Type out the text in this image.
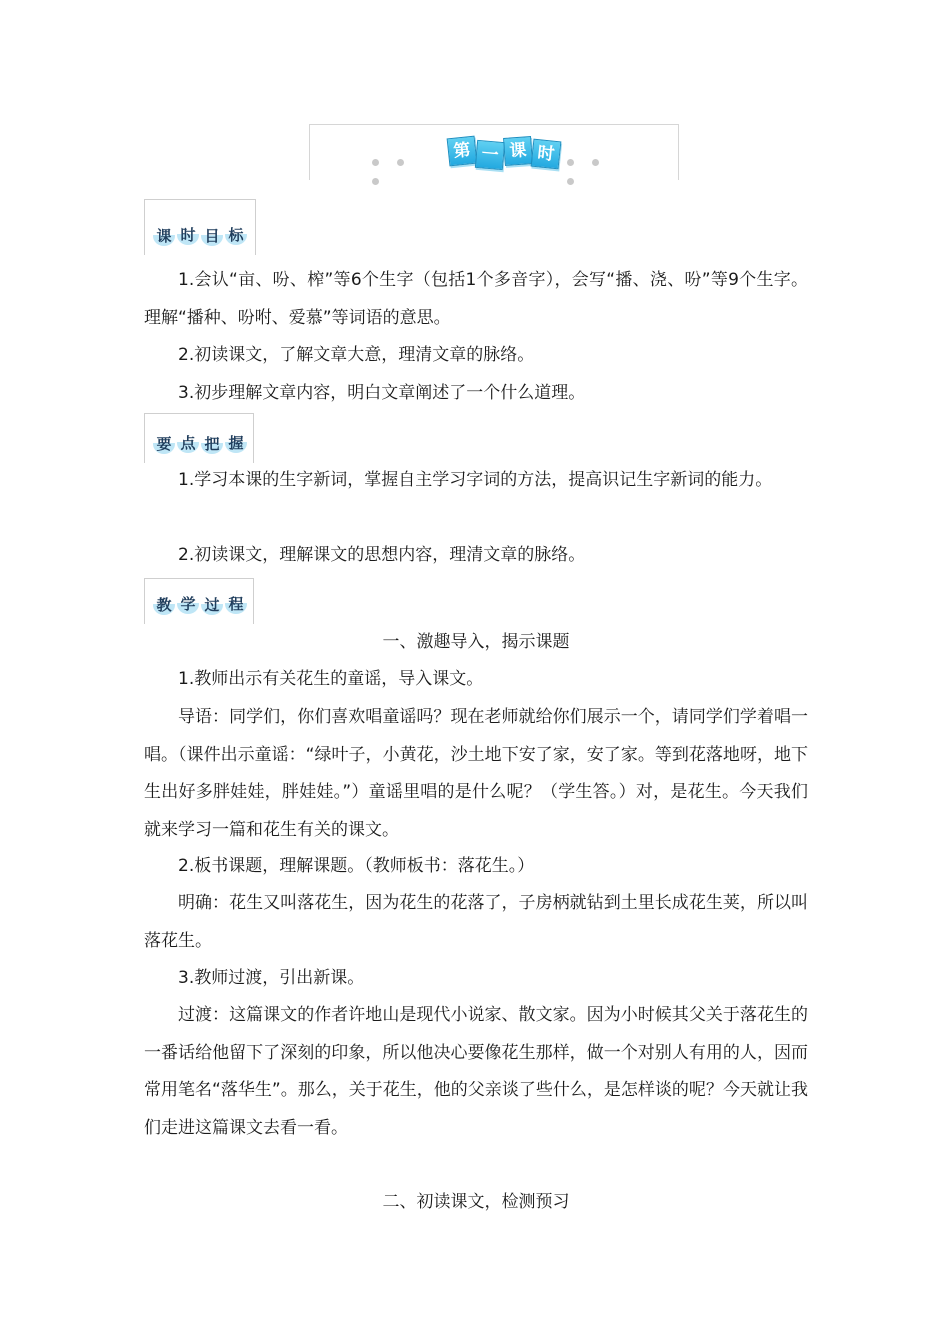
第 一 课 时
课 时 目 标

1.会认“亩、吩、榨”等6个生字（包括1个多音字），会写“播、浇、吩”等9个生字。理解“播种、吩咐、爱慕”等词语的意思。

2.初读课文，了解文章大意，理清文章的脉络。

3.初步理解文章内容，明白文章阐述了一个什么道理。

要 点 把 握

1.学习本课的生字新词，掌握自主学习字词的方法，提高识记生字新词的能力。

2.初读课文，理解课文的思想内容，理清文章的脉络。

教 学 过 程
一、激趣导入，揭示课题

1.教师出示有关花生的童谣，导入课文。

导语：同学们，你们喜欢唱童谣吗？现在老师就给你们展示一个，请同学们学着唱一唱。（课件出示童谣：“绿叶子，小黄花，沙土地下安了家，安了家。等到花落地呀，地下生出好多胖娃娃，胖娃娃。”）童谣里唱的是什么呢？（学生答。）对，是花生。今天我们就来学习一篇和花生有关的课文。

2.板书课题，理解课题。（教师板书：落花生。）

明确：花生又叫落花生，因为花生的花落了，子房柄就钻到土里长成花生荚，所以叫落花生。

3.教师过渡，引出新课。

过渡：这篇课文的作者许地山是现代小说家、散文家。因为小时候其父关于落花生的一番话给他留下了深刻的印象，所以他决心要像花生那样，做一个对别人有用的人，因而常用笔名“落华生”。那么，关于花生，他的父亲谈了些什么，是怎样谈的呢？今天就让我们走进这篇课文去看一看。

二、初读课文，检测预习
